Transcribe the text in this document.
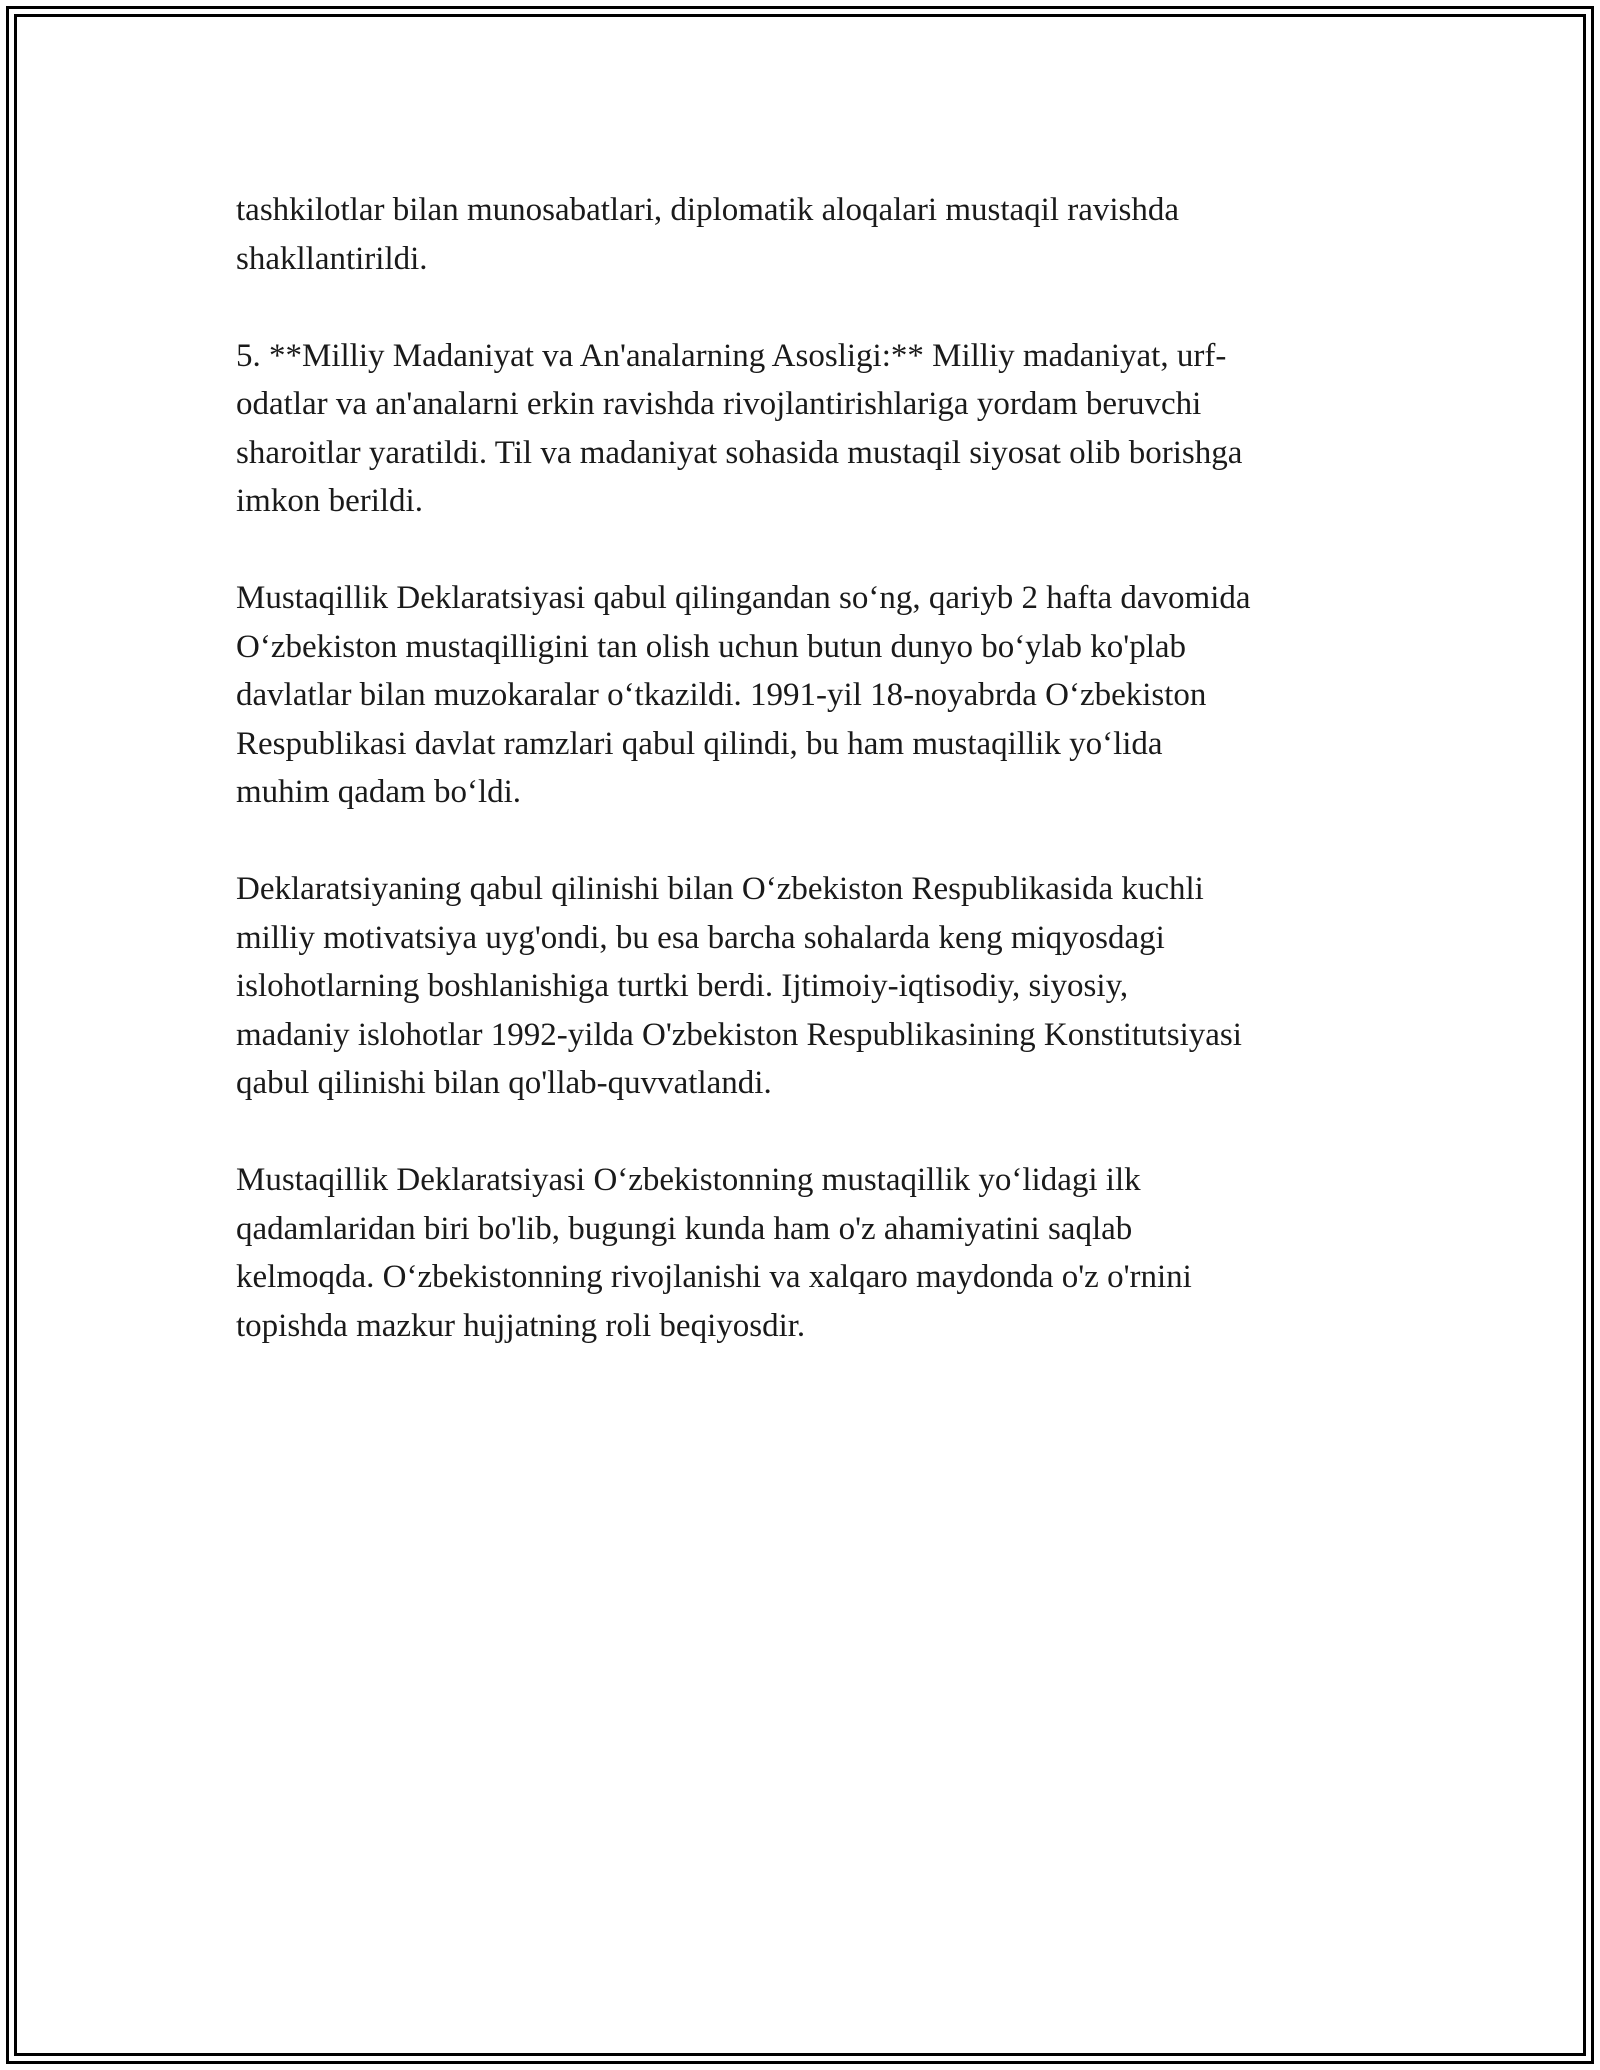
tashkilotlar bilan munosabatlari, diplomatik aloqalari mustaqil ravishda
shakllantirildi.

5. **Milliy Madaniyat va An'analarning Asosligi:** Milliy madaniyat, urf-
odatlar va an'analarni erkin ravishda rivojlantirishlariga yordam beruvchi
sharoitlar yaratildi. Til va madaniyat sohasida mustaqil siyosat olib borishga
imkon berildi.

Mustaqillik Deklaratsiyasi qabul qilingandan so‘ng, qariyb 2 hafta davomida
O‘zbekiston mustaqilligini tan olish uchun butun dunyo bo‘ylab ko'plab
davlatlar bilan muzokaralar o‘tkazildi. 1991-yil 18-noyabrda O‘zbekiston
Respublikasi davlat ramzlari qabul qilindi, bu ham mustaqillik yo‘lida
muhim qadam bo‘ldi.

Deklaratsiyaning qabul qilinishi bilan O‘zbekiston Respublikasida kuchli
milliy motivatsiya uyg'ondi, bu esa barcha sohalarda keng miqyosdagi
islohotlarning boshlanishiga turtki berdi. Ijtimoiy-iqtisodiy, siyosiy,
madaniy islohotlar 1992-yilda O'zbekiston Respublikasining Konstitutsiyasi
qabul qilinishi bilan qo'llab-quvvatlandi.

Mustaqillik Deklaratsiyasi O‘zbekistonning mustaqillik yo‘lidagi ilk
qadamlaridan biri bo'lib, bugungi kunda ham o'z ahamiyatini saqlab
kelmoqda. O‘zbekistonning rivojlanishi va xalqaro maydonda o'z o'rnini
topishda mazkur hujjatning roli beqiyosdir.
